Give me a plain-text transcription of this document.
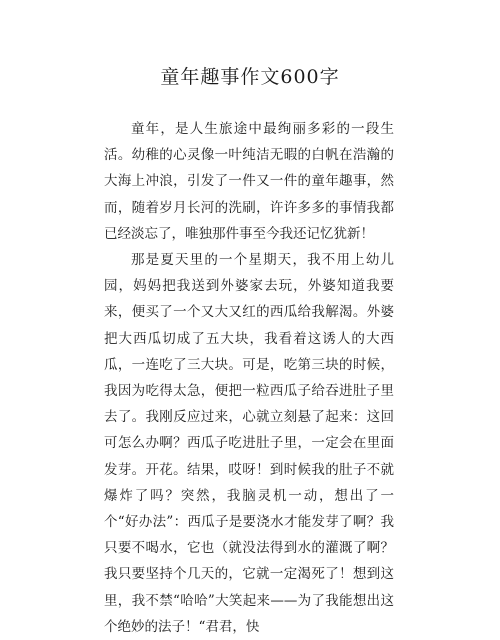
童年趣事作文600字

童年，是人生旅途中最绚丽多彩的一段生活。幼稚的心灵像一叶纯洁无暇的白帆在浩瀚的大海上冲浪，引发了一件又一件的童年趣事，然而，随着岁月长河的洗刷，许许多多的事情我都已经淡忘了，唯独那件事至今我还记忆犹新！

那是夏天里的一个星期天，我不用上幼儿园，妈妈把我送到外婆家去玩，外婆知道我要来，便买了一个又大又红的西瓜给我解渴。外婆把大西瓜切成了五大块，我看着这诱人的大西瓜，一连吃了三大块。可是，吃第三块的时候，我因为吃得太急，便把一粒西瓜子给吞进肚子里去了。我刚反应过来，心就立刻悬了起来：这回可怎么办啊？西瓜子吃进肚子里，一定会在里面发芽。开花。结果，哎呀！到时候我的肚子不就爆炸了吗？突然，我脑灵机一动，想出了一个“好办法”：西瓜子是要浇水才能发芽了啊？我只要不喝水，它也（就没法得到水的灌溉了啊？我只要坚持个几天的，它就一定渴死了！想到这里，我不禁“哈哈”大笑起来——为了我能想出这个绝妙的法子！“君君，快
